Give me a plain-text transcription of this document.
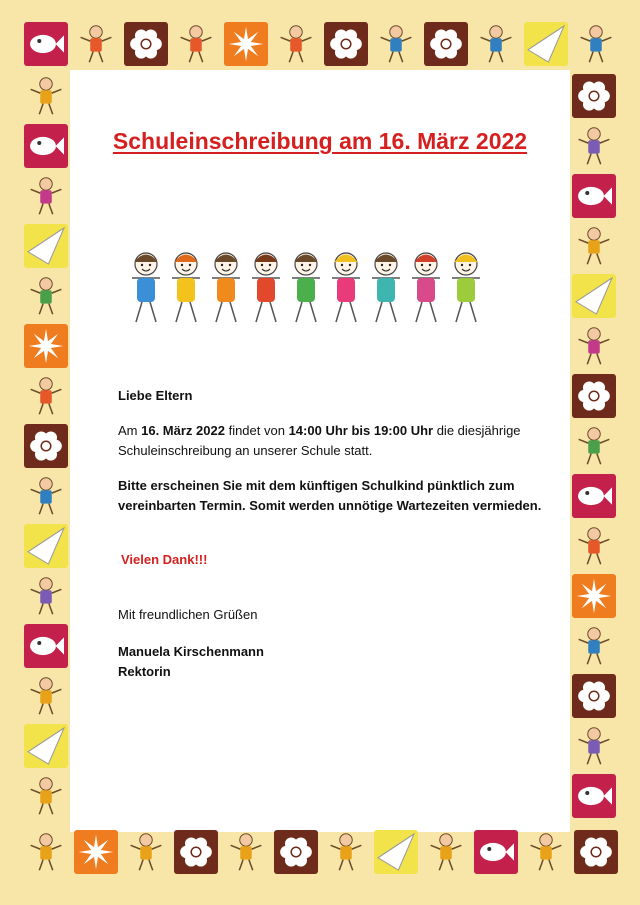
Schuleinschreibung am 16. März 2022
Liebe Eltern
Am 16. März 2022 findet von 14:00 Uhr bis 19:00 Uhr die diesjährige
Schuleinschreibung an unserer Schule statt.
Bitte erscheinen Sie mit dem künftigen Schulkind pünktlich zum
vereinbarten Termin. Somit werden unnötige Wartezeiten vermieden.
Vielen Dank!!!
Mit freundlichen Grüßen
Manuela Kirschenmann
Rektorin
